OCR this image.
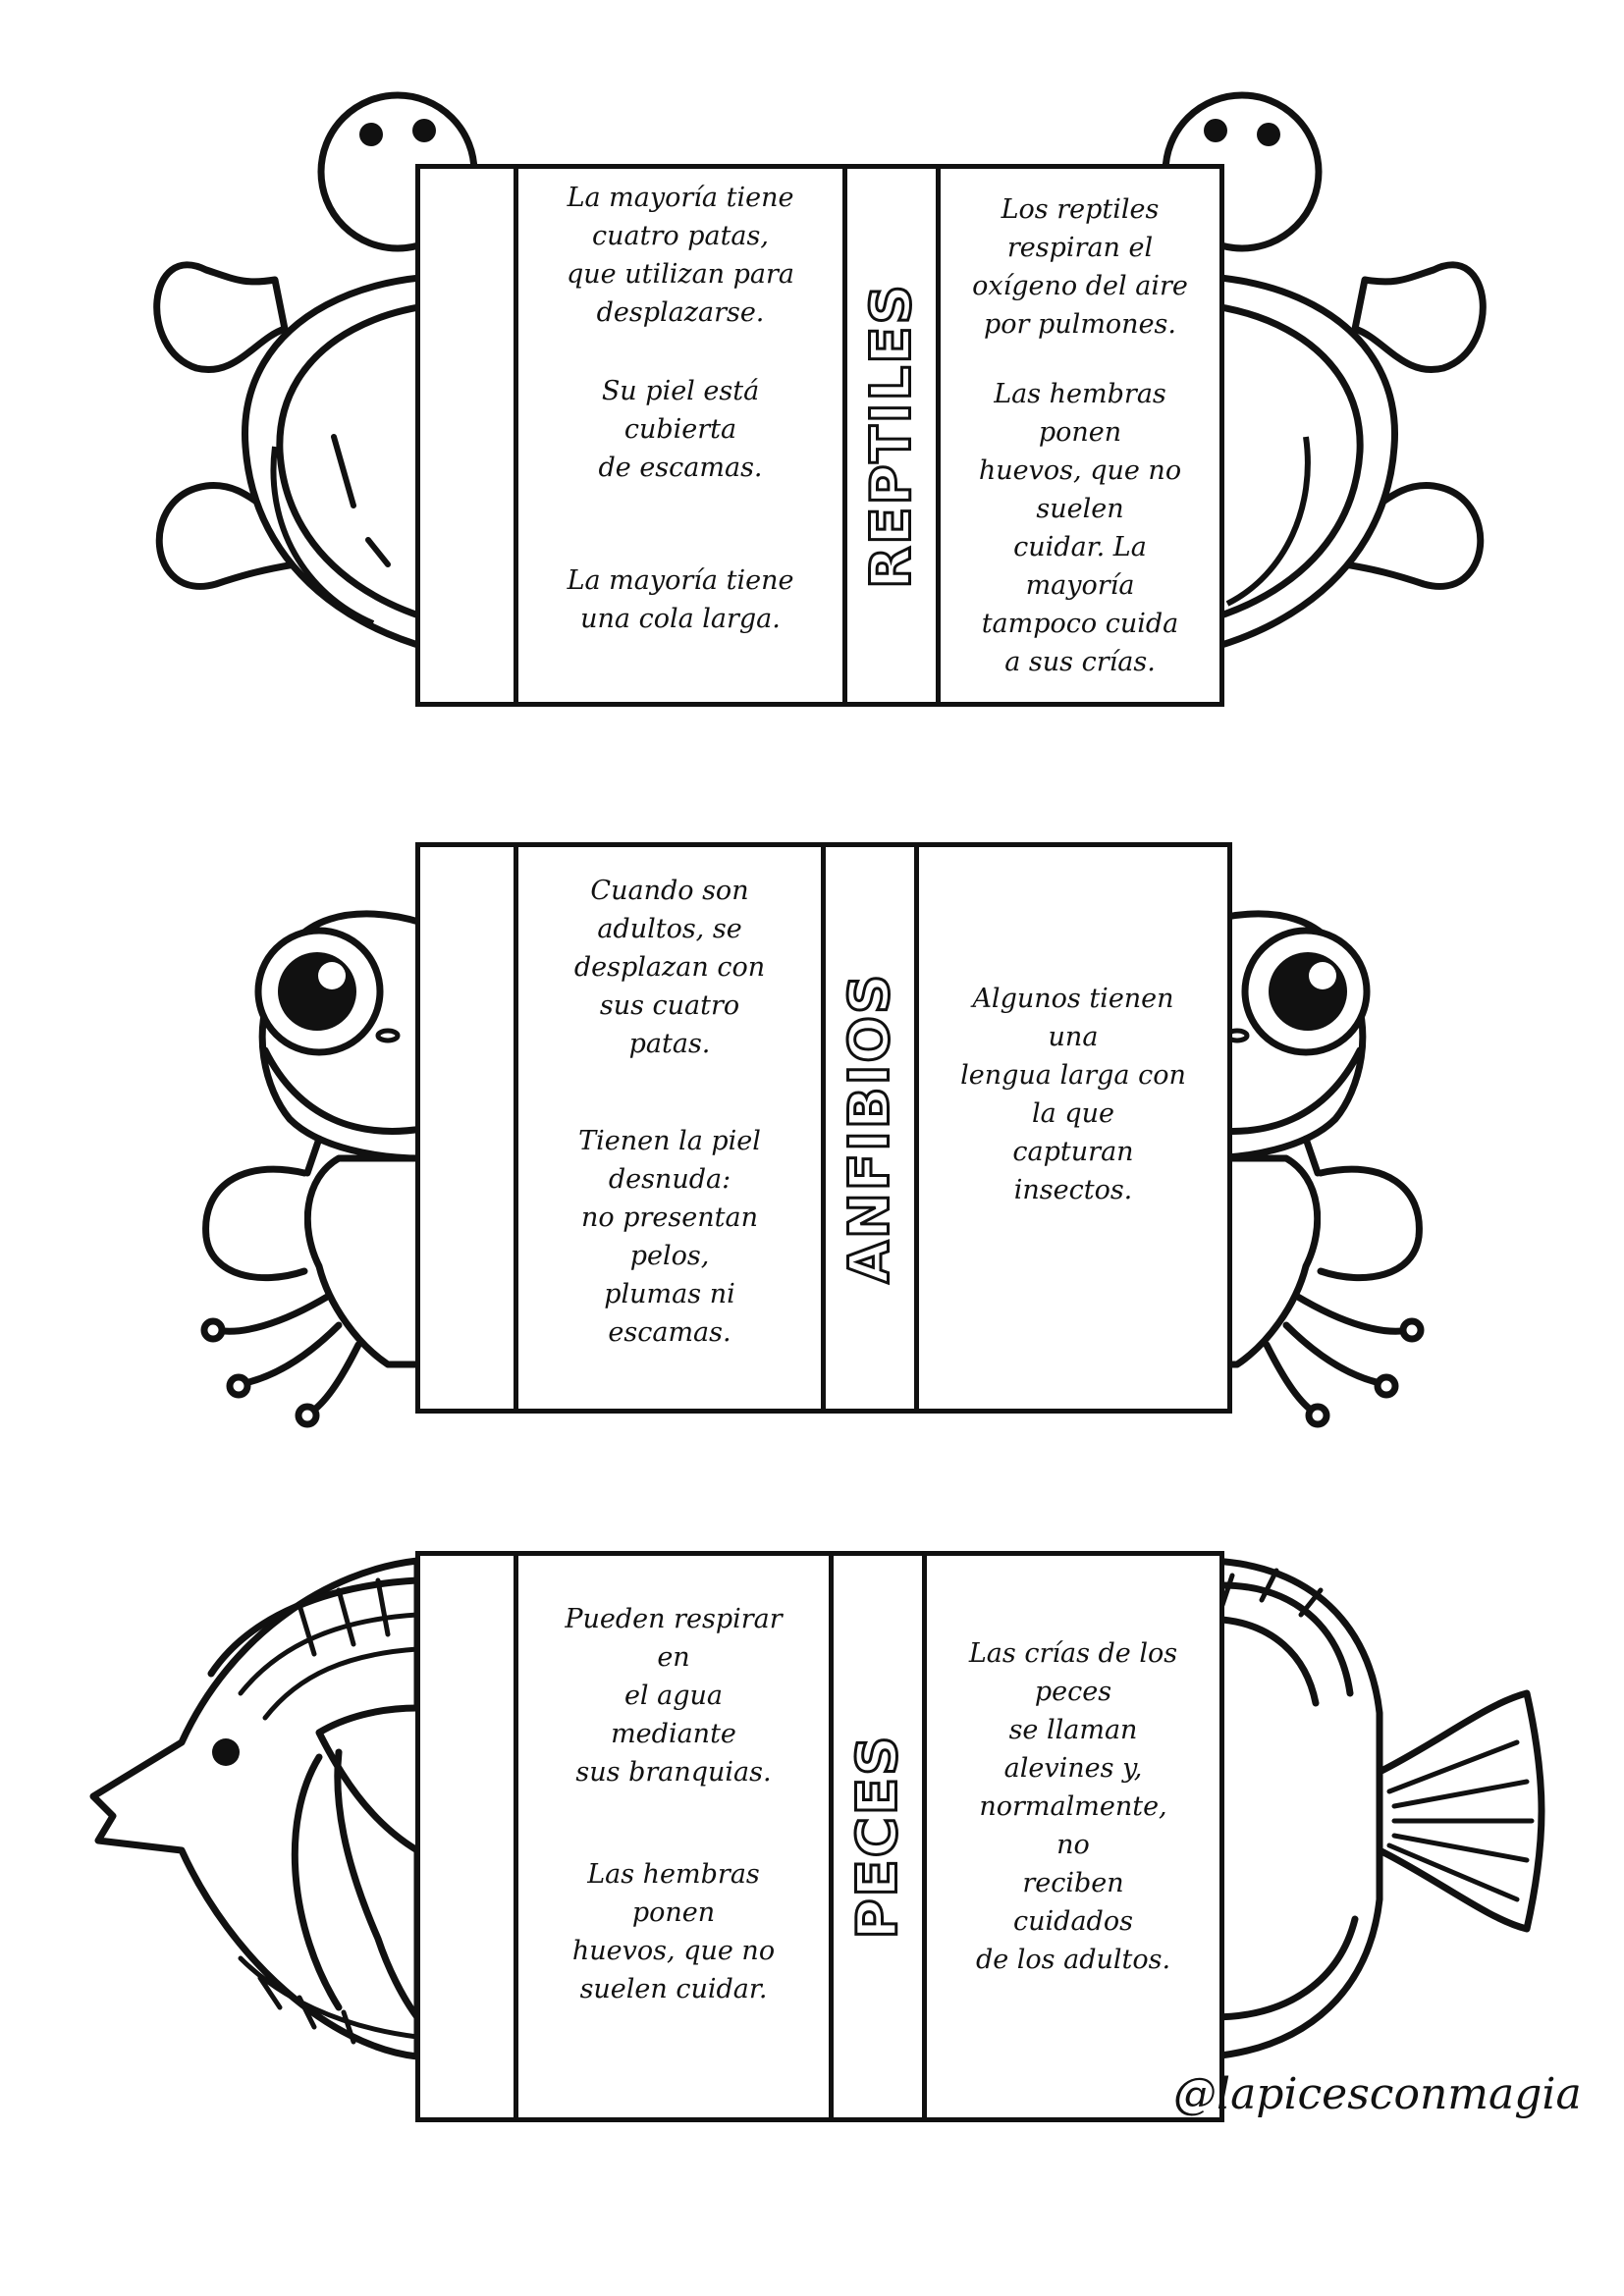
La mayoría tiene
cuatro patas,
que utilizan para
desplazarse.
Su piel está
cubierta
de escamas.
La mayoría tiene
una cola larga.
REPTILES
Los reptiles
respiran el
oxígeno del aire
por pulmones.
Las hembras
ponen
huevos, que no
suelen
cuidar. La
mayoría
tampoco cuida
a sus crías.
Cuando son
adultos, se
desplazan con
sus cuatro
patas.
Tienen la piel
desnuda:
no presentan
pelos,
plumas ni
escamas.
ANFIBIOS	Algunos tienen
una
lengua larga con
la que
capturan
insectos.
Pueden respirar
en
el agua
mediante
sus branquias.
Las hembras
ponen
huevos, que no
suelen cuidar.
PECES
Las crías de los
peces
se llaman
alevines y,
normalmente,
no
reciben
cuidados
de los adultos.
@lapicesconmagia
